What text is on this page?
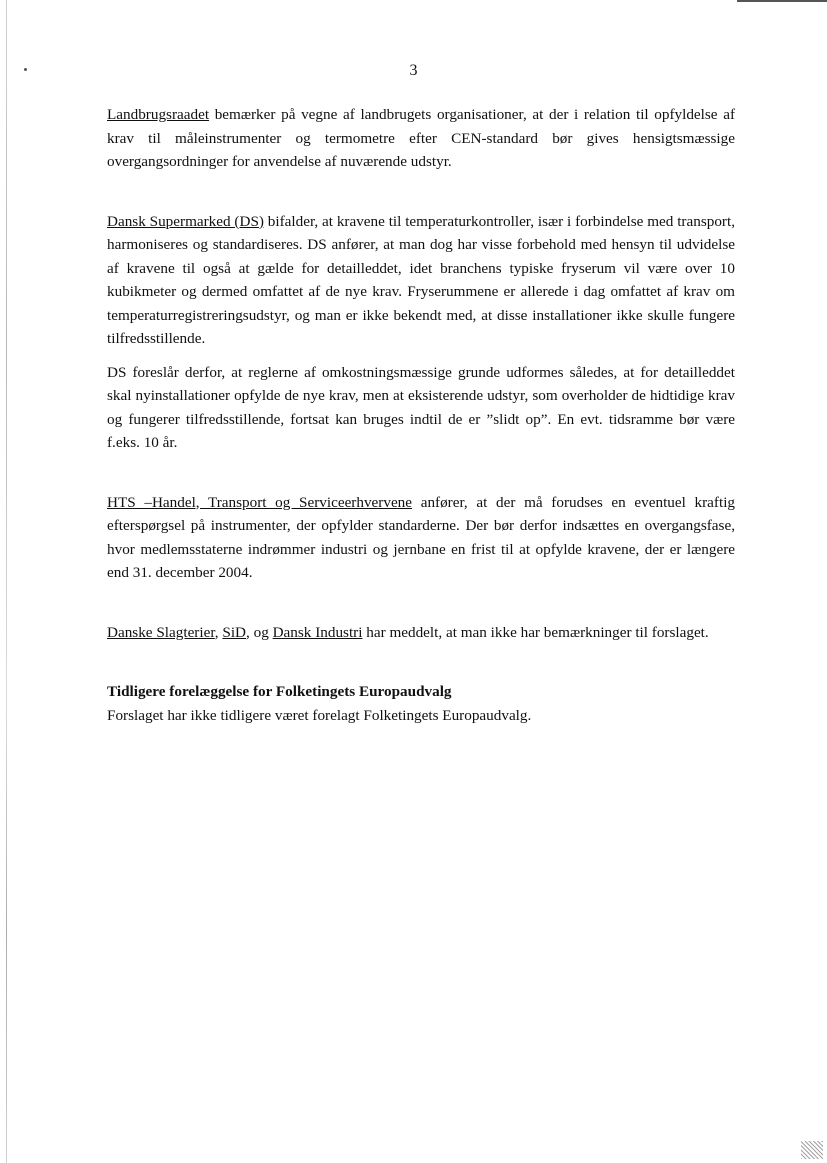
3

Landbrugsraadet bemærker på vegne af landbrugets organisationer, at der i relation til opfyldelse af krav til måleinstrumenter og termometre efter CEN-standard bør gives hensigtsmæssige overgangsordninger for anvendelse af nuværende udstyr.

Dansk Supermarked (DS) bifalder, at kravene til temperaturkontroller, især i forbindelse med transport, harmoniseres og standardiseres. DS anfører, at man dog har visse forbehold med hensyn til udvidelse af kravene til også at gælde for detailleddet, idet branchens typiske fryserum vil være over 10 kubikmeter og dermed omfattet af de nye krav. Fryserummene er allerede i dag omfattet af krav om temperaturregistreringsudstyr, og man er ikke bekendt med, at disse installationer ikke skulle fungere tilfredsstillende.

DS foreslår derfor, at reglerne af omkostningsmæssige grunde udformes således, at for detailleddet skal nyinstallationer opfylde de nye krav, men at eksisterende udstyr, som overholder de hidtidige krav og fungerer tilfredsstillende, fortsat kan bruges indtil de er ”slidt op”. En evt. tidsramme bør være f.eks. 10 år.

HTS –Handel, Transport og Serviceerhvervene anfører, at der må forudses en eventuel kraftig efterspørgsel på instrumenter, der opfylder standarderne. Der bør derfor indsættes en overgangsfase, hvor medlemsstaterne indrømmer industri og jernbane en frist til at opfylde kravene, der er længere end 31. december 2004.

Danske Slagterier, SiD, og Dansk Industri har meddelt, at man ikke har bemærkninger til forslaget.

Tidligere forelæggelse for Folketingets Europaudvalg

Forslaget har ikke tidligere været forelagt Folketingets Europaudvalg.
